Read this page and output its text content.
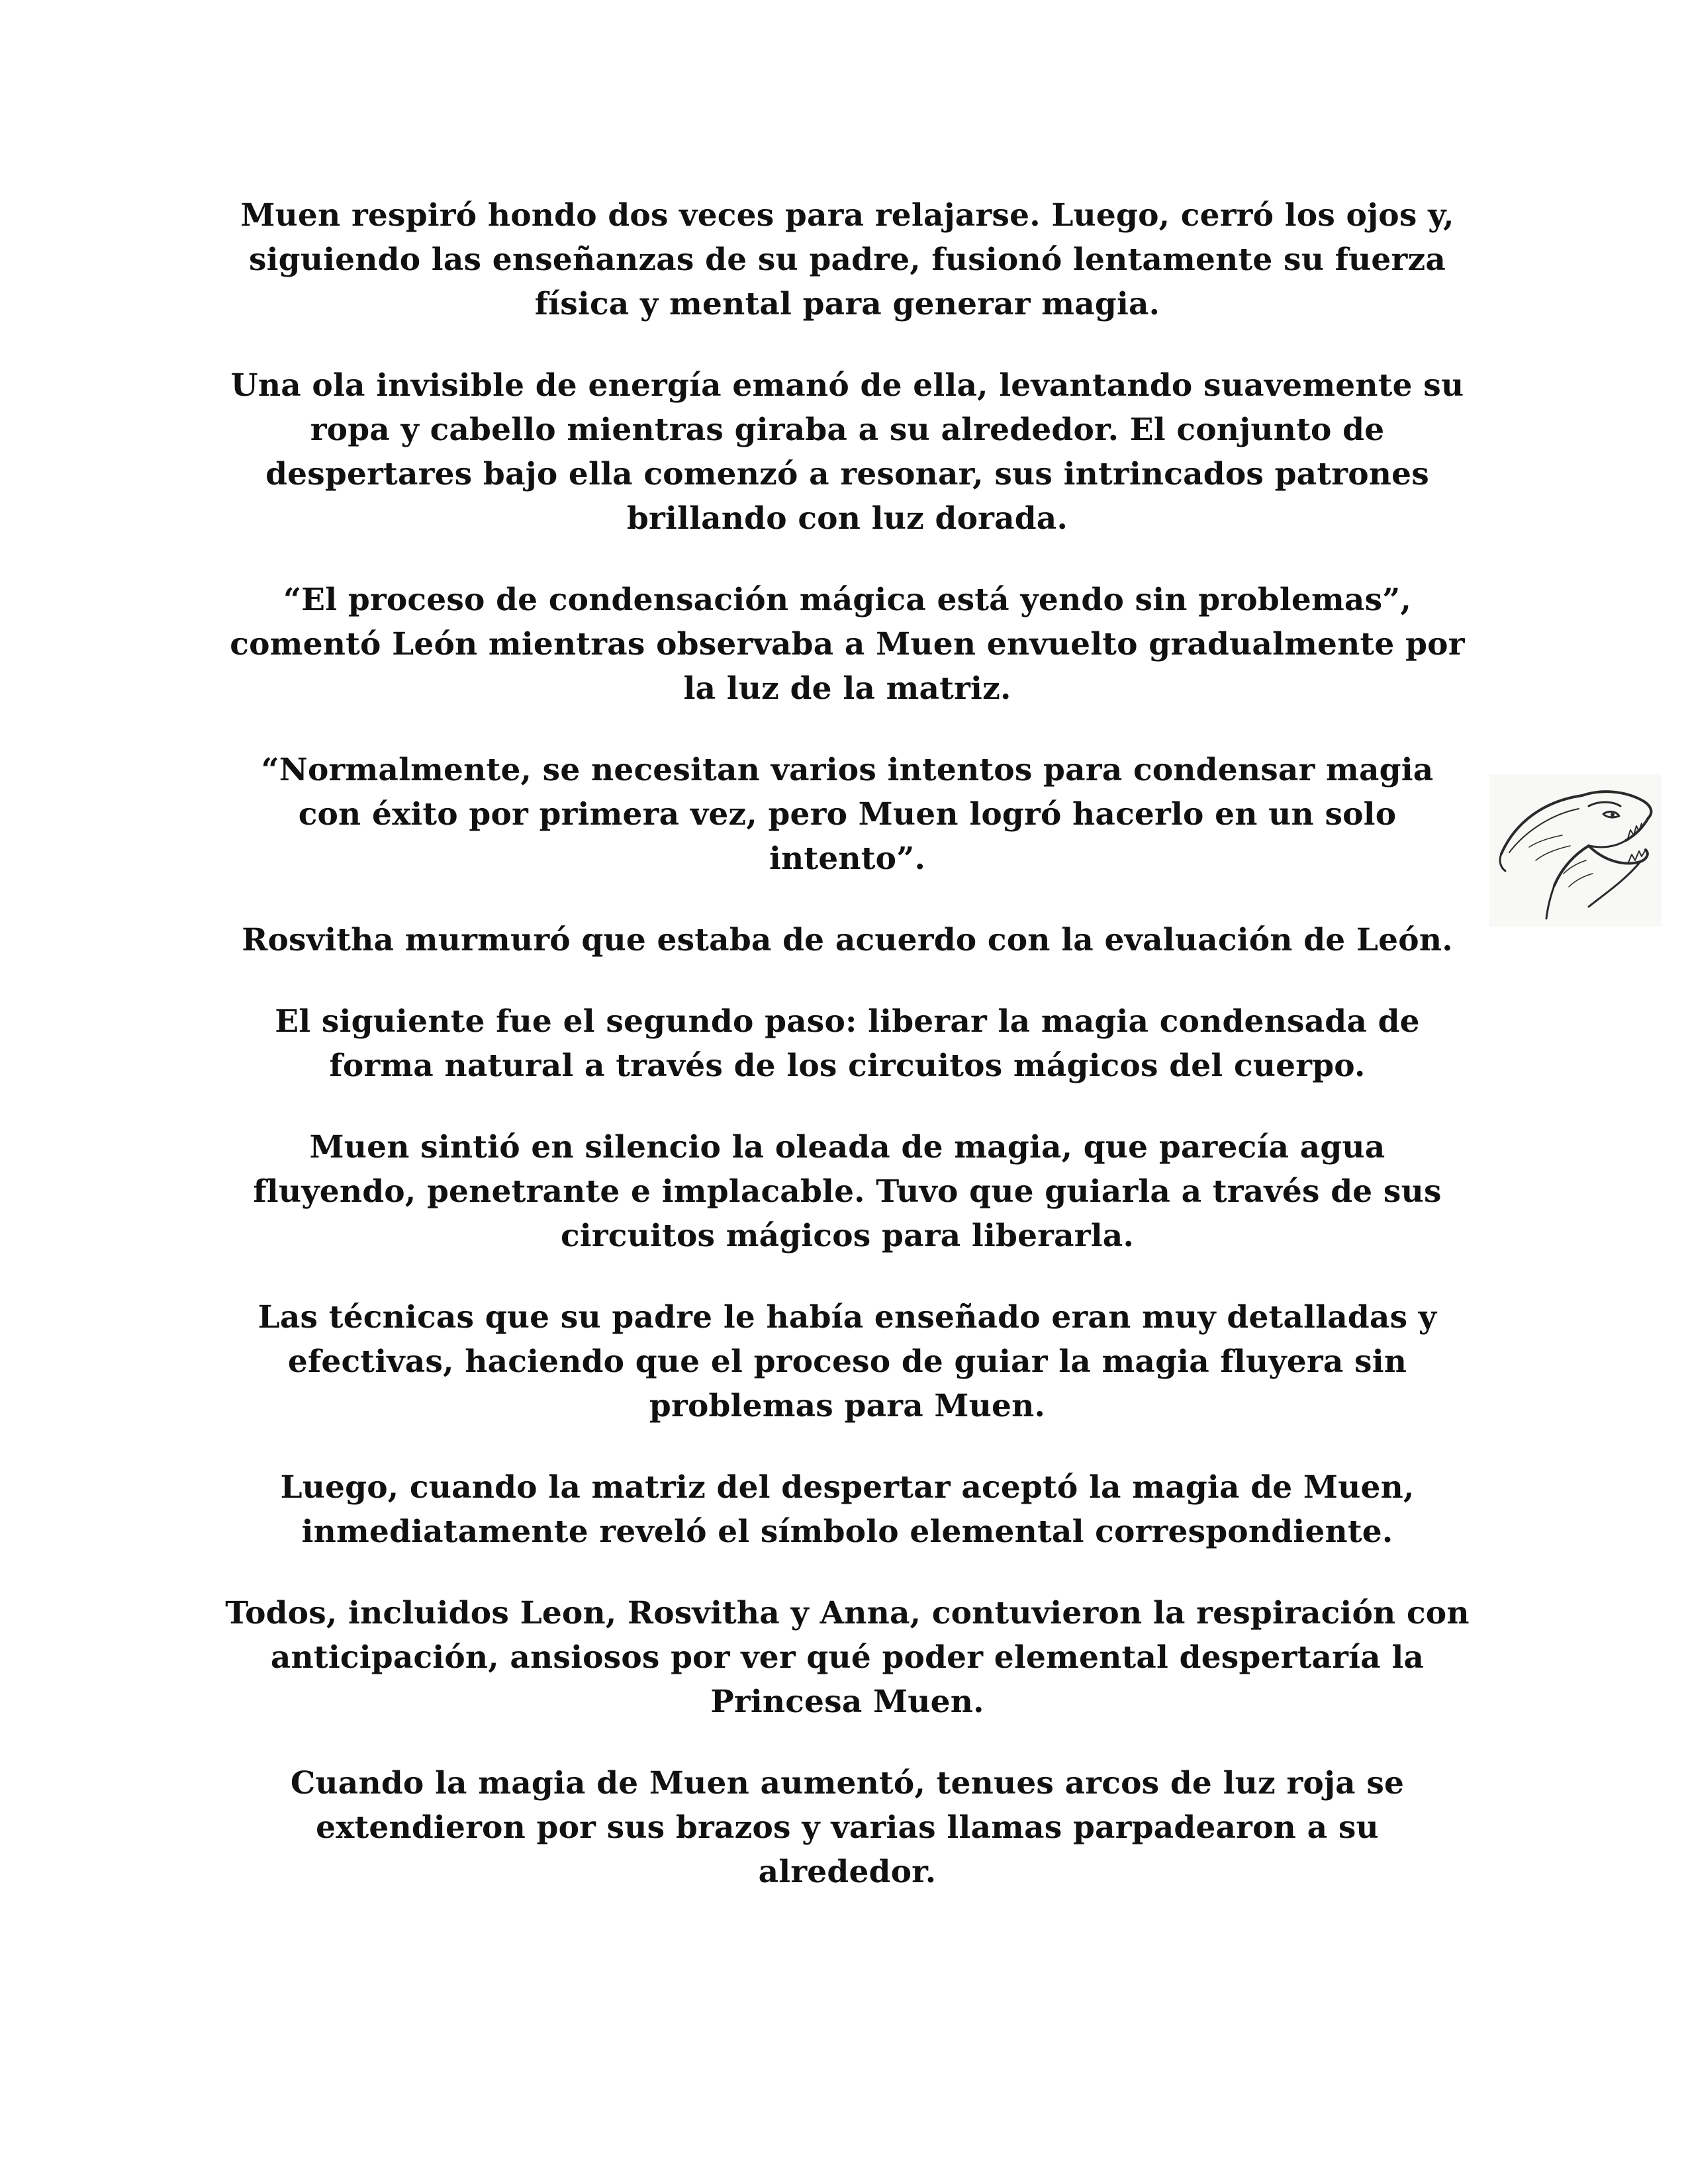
Muen respiró hondo dos veces para relajarse. Luego, cerró los ojos y, siguiendo las enseñanzas de su padre, fusionó lentamente su fuerza física y mental para generar magia.

Una ola invisible de energía emanó de ella, levantando suavemente su ropa y cabello mientras giraba a su alrededor. El conjunto de despertares bajo ella comenzó a resonar, sus intrincados patrones brillando con luz dorada.

“El proceso de condensación mágica está yendo sin problemas”, comentó León mientras observaba a Muen envuelto gradualmente por la luz de la matriz.

“Normalmente, se necesitan varios intentos para condensar magia con éxito por primera vez, pero Muen logró hacerlo en un solo intento”.

Rosvitha murmuró que estaba de acuerdo con la evaluación de León.

El siguiente fue el segundo paso: liberar la magia condensada de forma natural a través de los circuitos mágicos del cuerpo.

Muen sintió en silencio la oleada de magia, que parecía agua fluyendo, penetrante e implacable. Tuvo que guiarla a través de sus circuitos mágicos para liberarla.

Las técnicas que su padre le había enseñado eran muy detalladas y efectivas, haciendo que el proceso de guiar la magia fluyera sin problemas para Muen.

Luego, cuando la matriz del despertar aceptó la magia de Muen, inmediatamente reveló el símbolo elemental correspondiente.

Todos, incluidos Leon, Rosvitha y Anna, contuvieron la respiración con anticipación, ansiosos por ver qué poder elemental despertaría la Princesa Muen.

Cuando la magia de Muen aumentó, tenues arcos de luz roja se extendieron por sus brazos y varias llamas parpadearon a su alrededor.
